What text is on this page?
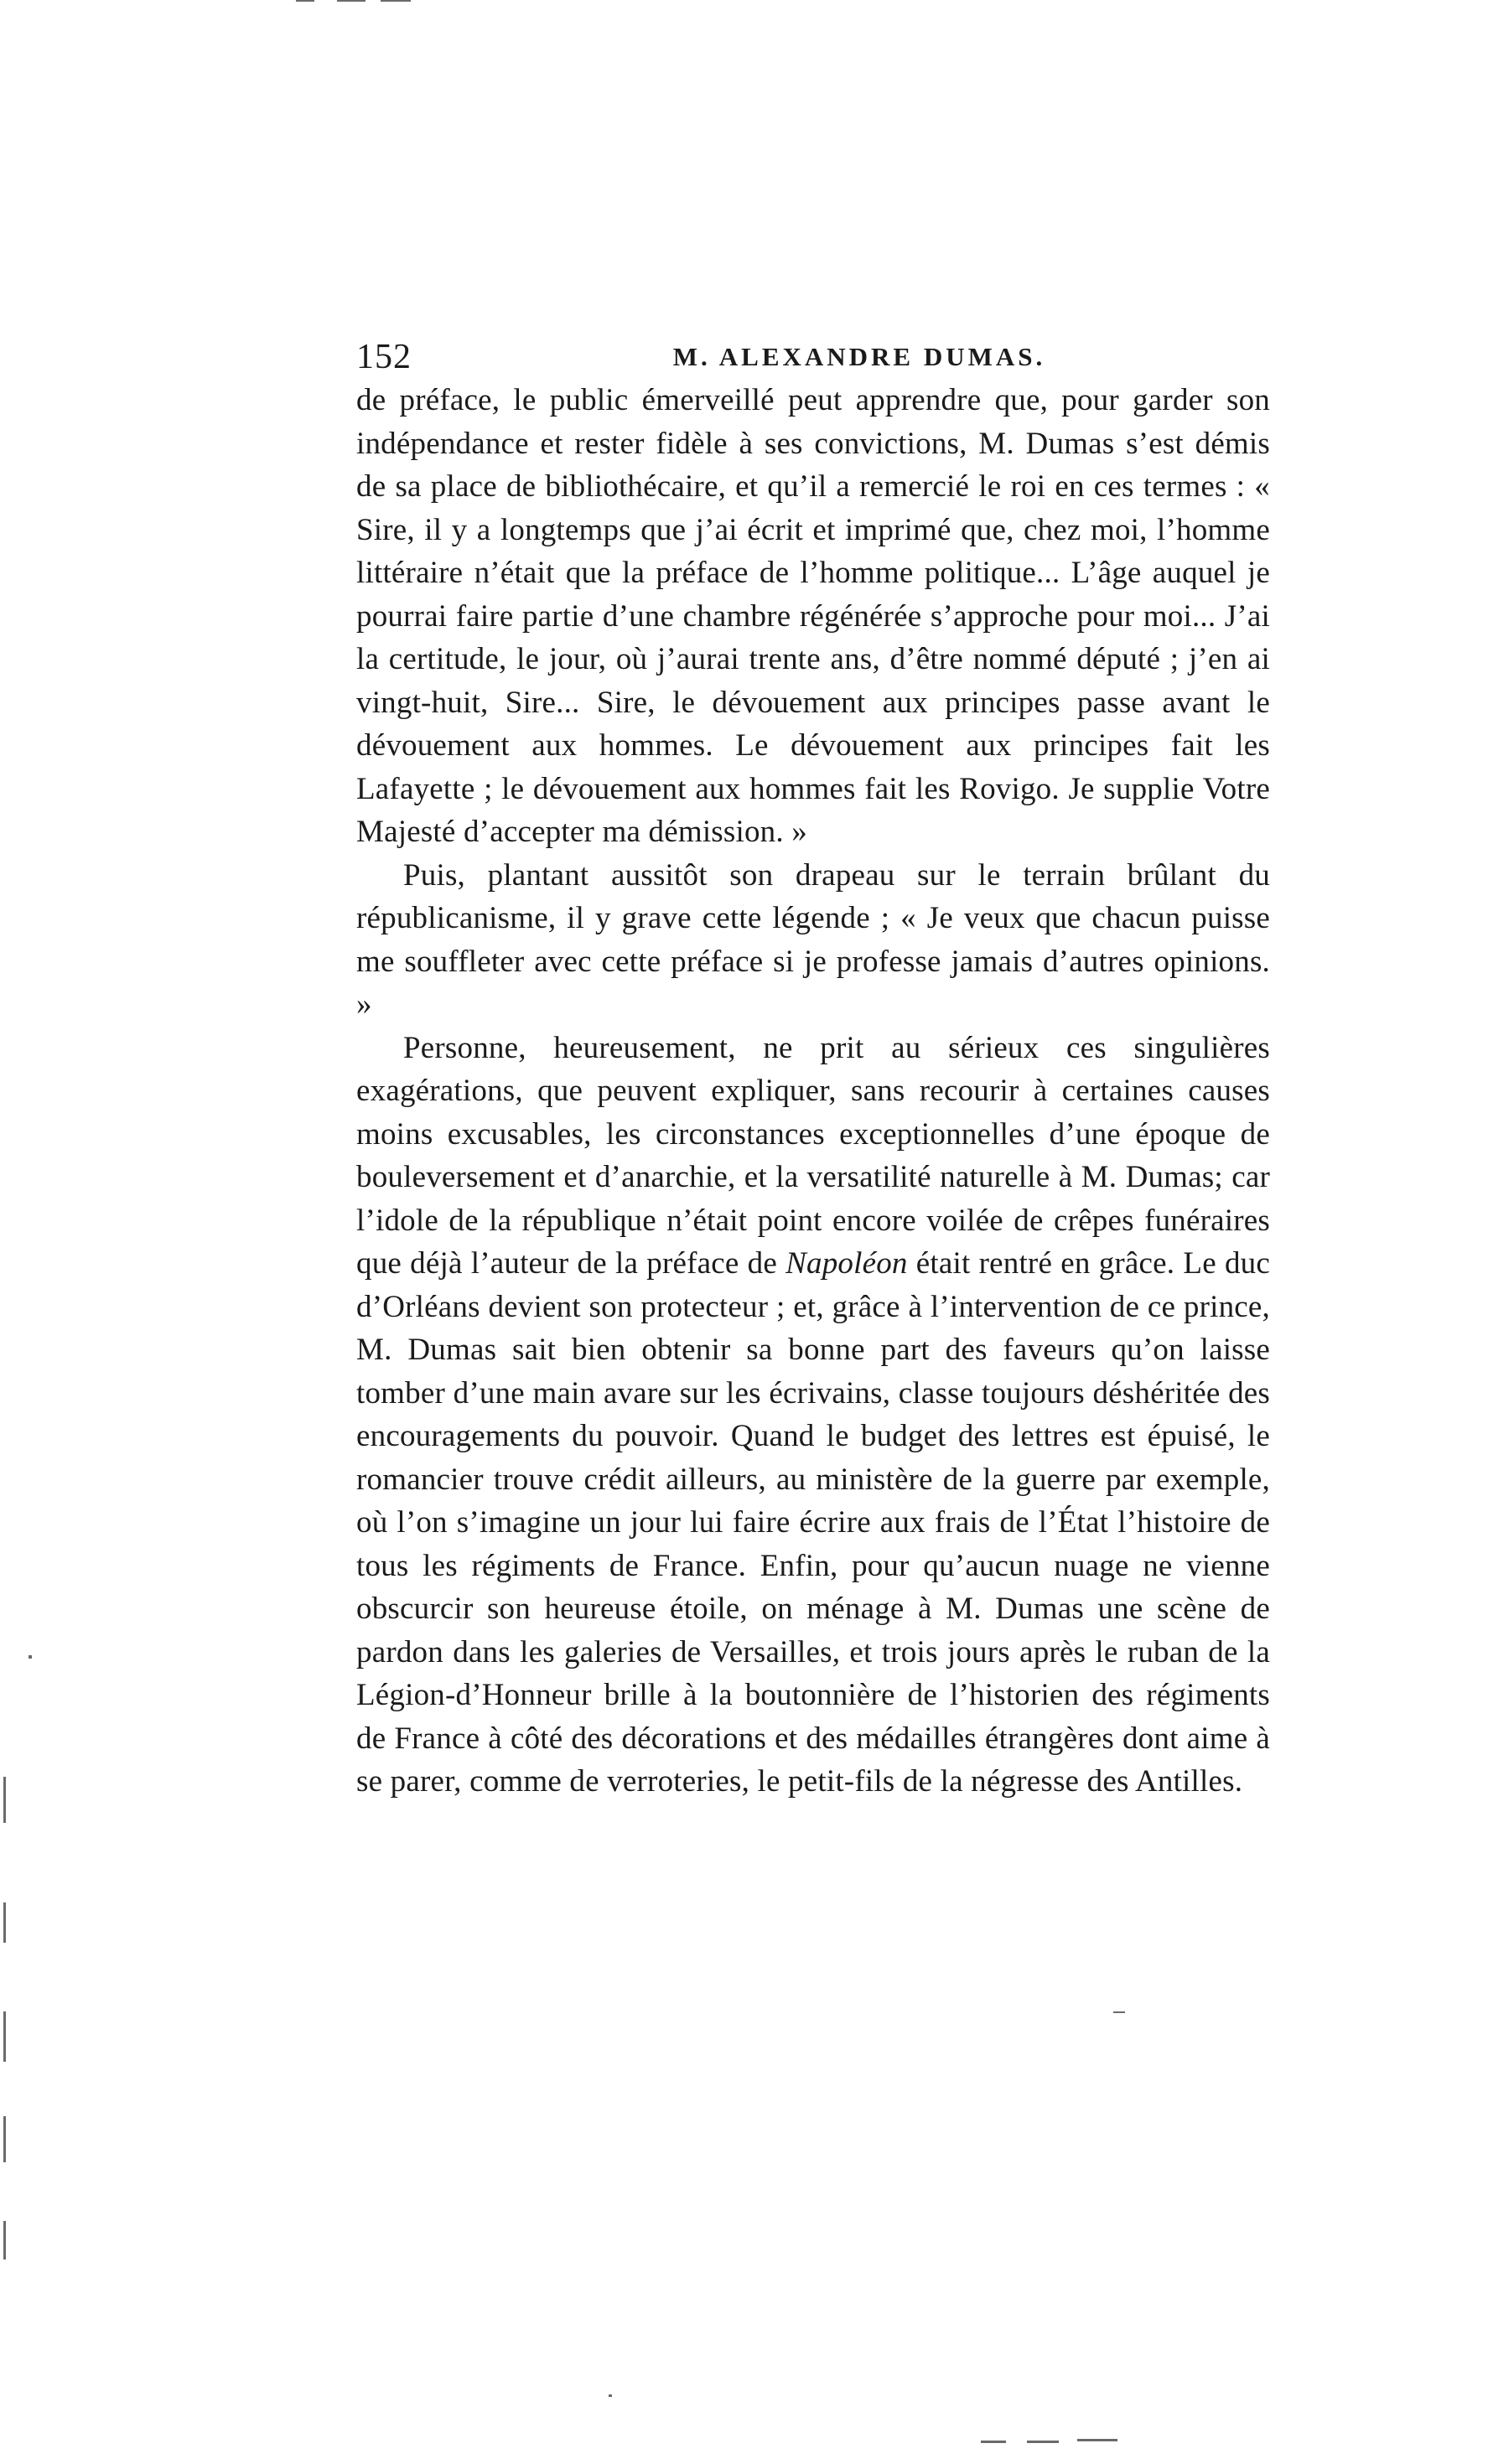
152	M. ALEXANDRE DUMAS.

de préface, le public émerveillé peut apprendre que, pour garder son indépendance et rester fidèle à ses convictions, M. Dumas s’est démis de sa place de bibliothécaire, et qu’il a remercié le roi en ces termes : « Sire, il y a longtemps que j’ai écrit et imprimé que, chez moi, l’homme littéraire n’était que la préface de l’homme politique... L’âge auquel je pourrai faire partie d’une chambre régénérée s’approche pour moi... J’ai la certitude, le jour, où j’aurai trente ans, d’être nommé député ; j’en ai vingt-huit, Sire... Sire, le dévouement aux principes passe avant le dévouement aux hommes. Le dévouement aux principes fait les Lafayette ; le dévouement aux hommes fait les Rovigo. Je supplie Votre Majesté d’accepter ma démission. »

Puis, plantant aussitôt son drapeau sur le terrain brûlant du républicanisme, il y grave cette légende ; « Je veux que chacun puisse me souffleter avec cette préface si je professe jamais d’autres opinions. »

Personne, heureusement, ne prit au sérieux ces singulières exagérations, que peuvent expliquer, sans recourir à certaines causes moins excusables, les circonstances exceptionnelles d’une époque de bouleversement et d’anarchie, et la versatilité naturelle à M. Dumas; car l’idole de la république n’était point encore voilée de crêpes funéraires que déjà l’auteur de la préface de Napoléon était rentré en grâce. Le duc d’Orléans devient son protecteur ; et, grâce à l’intervention de ce prince, M. Dumas sait bien obtenir sa bonne part des faveurs qu’on laisse tomber d’une main avare sur les écrivains, classe toujours déshéritée des encouragements du pouvoir. Quand le budget des lettres est épuisé, le romancier trouve crédit ailleurs, au ministère de la guerre par exemple, où l’on s’imagine un jour lui faire écrire aux frais de l’État l’histoire de tous les régiments de France. Enfin, pour qu’aucun nuage ne vienne obscurcir son heureuse étoile, on ménage à M. Dumas une scène de pardon dans les galeries de Versailles, et trois jours après le ruban de la Légion-d’Honneur brille à la boutonnière de l’historien des régiments de France à côté des décorations et des médailles étrangères dont aime à se parer, comme de verroteries, le petit-fils de la négresse des Antilles.
